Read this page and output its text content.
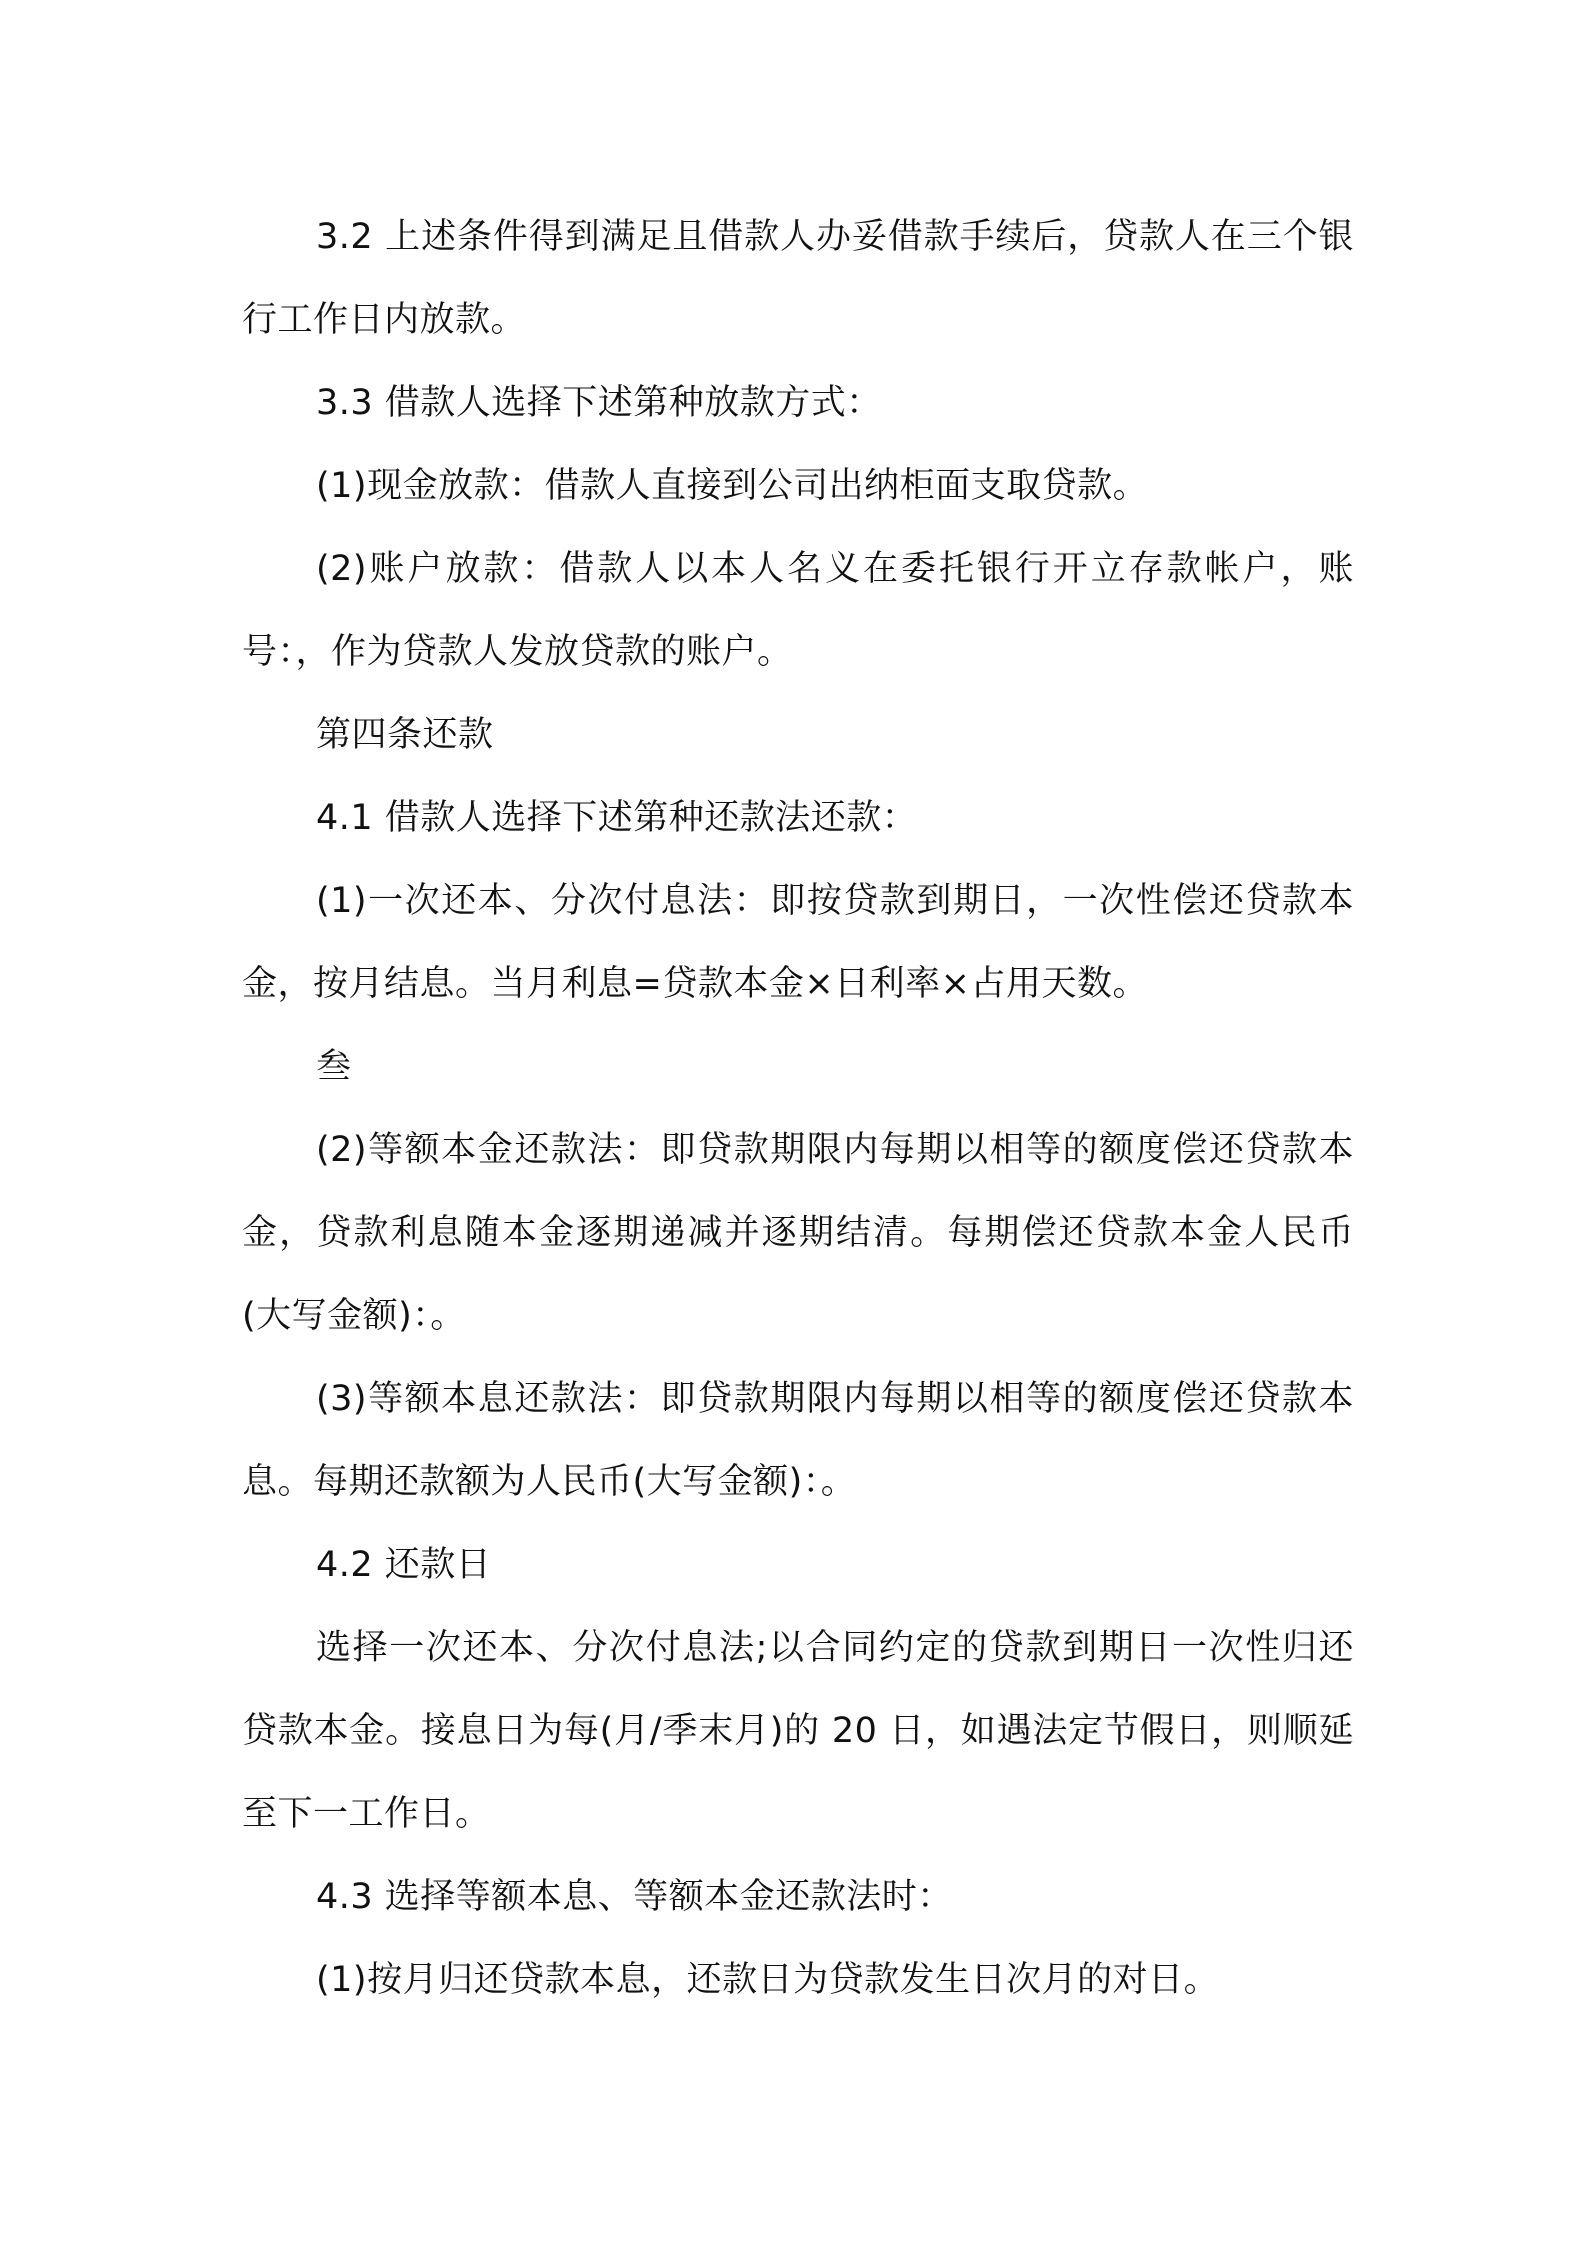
3.2 上述条件得到满足且借款人办妥借款手续后，贷款人在三个银行工作日内放款。

3.3 借款人选择下述第种放款方式：

(1)现金放款：借款人直接到公司出纳柜面支取贷款。

(2)账户放款：借款人以本人名义在委托银行开立存款帐户，账号：，作为贷款人发放贷款的账户。

第四条还款

4.1 借款人选择下述第种还款法还款：

(1)一次还本、分次付息法：即按贷款到期日，一次性偿还贷款本金，按月结息。当月利息=贷款本金×日利率×占用天数。

叁

(2)等额本金还款法：即贷款期限内每期以相等的额度偿还贷款本金，贷款利息随本金逐期递减并逐期结清。每期偿还贷款本金人民币(大写金额)：。

(3)等额本息还款法：即贷款期限内每期以相等的额度偿还贷款本息。每期还款额为人民币(大写金额)：。

4.2 还款日

选择一次还本、分次付息法;以合同约定的贷款到期日一次性归还贷款本金。接息日为每(月/季末月)的 20 日，如遇法定节假日，则顺延至下一工作日。

4.3 选择等额本息、等额本金还款法时：

(1)按月归还贷款本息，还款日为贷款发生日次月的对日。
